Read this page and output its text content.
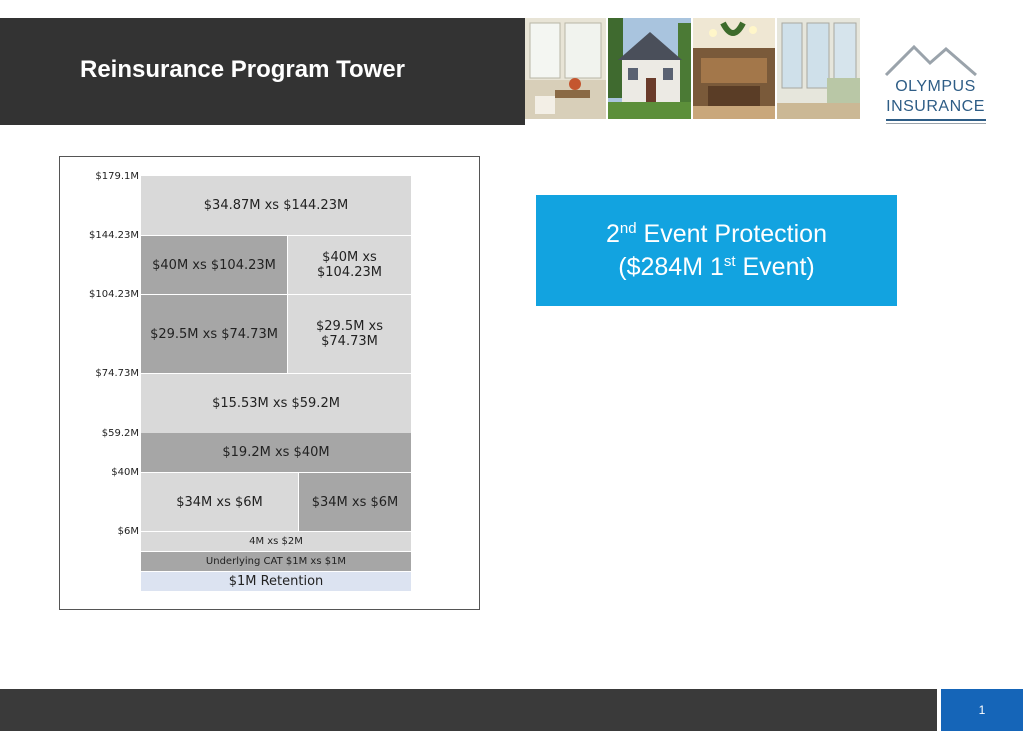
Reinsurance Program Tower
OLYMPUS
INSURANCE
$179.1M
$144.23M
$104.23M
$74.73M
$59.2M
$40M
$6M
$34.87M xs $144.23M
$40M xs $104.23M	$40M xs $104.23M
$29.5M xs $74.73M	$29.5M xs $74.73M
$15.53M xs $59.2M
$19.2M xs $40M
$34M xs $6M	$34M xs $6M
4M xs $2M
Underlying CAT $1M xs $1M
$1M Retention
2nd Event Protection
($284M 1st Event)
1
